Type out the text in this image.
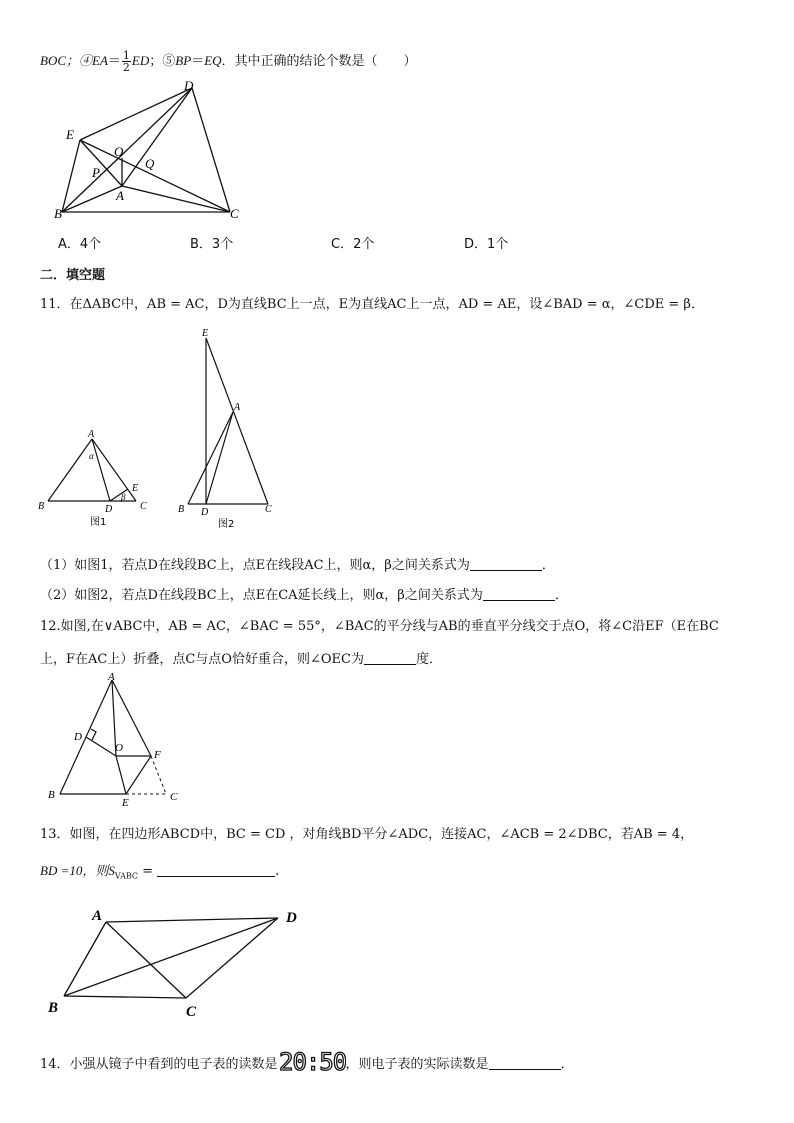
BOC；④EA＝ $\frac{1}{2}$ ED；⑤BP＝EQ．其中正确的结论个数是（　　）
D
E
O
Q
P
A
B	C
A．4个	B．3个	C．2个	D．1个
二．填空题
11．在ΔABC中，AB = AC，D为直线BC上一点，E为直线AC上一点，AD = AE，设∠BAD = α，∠CDE = β．
A
α
B	D
E
β
C
图1
E
A
B D	C
图2
（1）如图1，若点D在线段BC上，点E在线段AC上，则α，β之间关系式为	．
（2）如图2，若点D在线段BC上，点E在CA延长线上，则α，β之间关系式为	．
12.如图,在∨ABC中，AB = AC，∠BAC = 55°，∠BAC的平分线与AB的垂直平分线交于点O，将∠C沿EF（E在BC
上，F在AC上）折叠，点C与点O恰好重合，则∠OEC为	度．
A
D
O
F
B
E	C
13．如图，在四边形ABCD中，BC = CD ，对角线BD平分∠ADC，连接AC，∠ACB = 2∠DBC，若AB = 4，
BD =10，则$S_{VABC}$ =	.
A	D
B	C
14．小强从镜子中看到的电子表的读数是 20:50 ，则电子表的实际读数是	．
